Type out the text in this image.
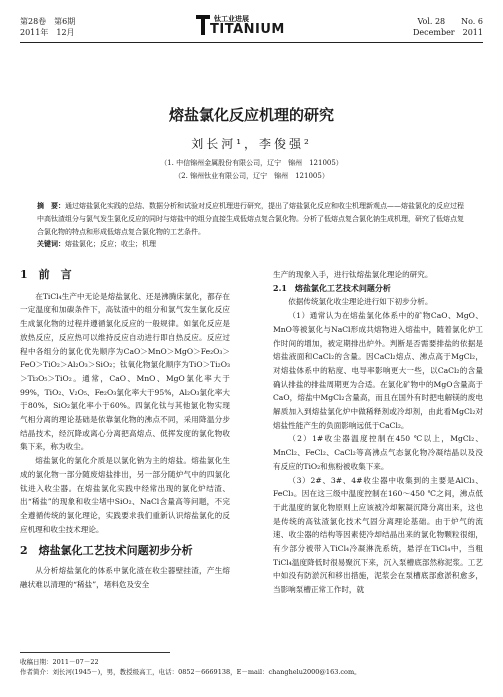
第28卷　第6期
2011年　12月
钛工业进展
TITANIUM
Vol. 28　　No. 6
December　2011
熔盐氯化反应机理的研究
刘长河¹，李俊强²
（1. 中信锦州金属股份有限公司，辽宁　锦州　121005）
（2. 锦州钛业有限公司，辽宁　锦州　121005）
摘　要：通过熔盐氯化实践的总结、数据分析和试验对反应机理进行研究，提出了熔盐氯化反应和收尘机理新观点——熔盐氯化的反应过程中高钛渣组分与氯气发生氯化反应的同时与熔盐中的组分直接生成低熔点复合氯化物。分析了低熔点复合氯化钠生成机理，研究了低熔点复合氯化物的特点和形成低熔点复合氯化物的工艺条件。
关键词：熔盐氯化；反应；收尘；机理
1　前　言

在TiCl₄生产中无论是熔盐氯化、还是沸腾床氯化，都存在一定温度和加碳条件下，高钛渣中的组分和氯气发生氯化反应生成氯化物的过程并遵循氯化反应的一般规律。如氯化反应是放热反应，反应热可以维持反应自动进行即自热反应。反应过程中各组分的氯化优先顺序为CaO＞MnO＞MgO＞Fe₂O₃＞FeO＞TiO₂＞Al₂O₃＞SiO₂；钛氧化物氯化顺序为TiO＞Ti₂O₃＞Ti₃O₅＞TiO₂。通常，CaO、MnO、MgO氯化率大于99%，TiO₂、V₂O₅、Fe₂O₃氯化率大于95%，Al₂O₃氯化率大于80%，SiO₂氯化率小于60%。四氯化钛与其他氯化物实现气相分离的理论基础是依靠氯化物的沸点不同，采用降温分步结晶技术，经沉降或离心分离把高熔点、低挥发度的氯化物收集下来，称为收尘。

熔盐氯化的氯化介质是以氯化钠为主的熔盐。熔盐氯化生成的氯化物一部分随废熔盐排出，另一部分随炉气中的四氯化钛进入收尘器。在熔盐氯化实践中经常出现的氯化炉结渣、出“稀盐”的现象和收尘堵中SiO₂、NaCl含量高等问题，不完全遵循传统的氯化理论，实践要求我们重新认识熔盐氯化的反应机理和收尘技术理论。

2　熔盐氯化工艺技术问题初步分析

从分析熔盐氯化的体系中氯化渣在收尘器壁挂渣，产生熔融状难以清理的“稀盐”，堵料危及安全

生产的现象入手，进行钛熔盐氯化理论的研究。

2.1　熔盐氯化工艺技术问题分析

依据传统氯化收尘理论进行如下初步分析。

（1）通常认为在熔盐氯化体系中的矿物CaO、MgO、MnO等被氯化与NaCl形成共熔物进入熔盐中，随着氯化炉工作时间的增加，被定期排出炉外。判断是否需要排盐的依据是熔盐液面和CaCl₂的含量。因CaCl₂熔点、沸点高于MgCl₂，对熔盐体系中的粘度、电导率影响更大一些，以CaCl₂的含量确认排盐的排盐周期更为合适。在氯化矿物中的MgO含量高于CaO，熔盐中MgCl₂含量高，而且在国外有时把电解镁的废电解质加入到熔盐氯化炉中做稀释剂或冷却剂，由此看MgCl₂对熔盐性能产生的负面影响远低于CaCl₂。

（2）1#收尘器温度控制在450 ℃以上，MgCl₂、MnCl₂、FeCl₂、CaCl₂等高沸点气态氯化物冷凝结晶以及没有反应的TiO₂和焦粉被收集下来。

（3）2#、3#、4#收尘器中收集到的主要是AlCl₃、FeCl₃。因在这三级中温度控制在160～450 ℃之间，沸点低于此温度的氯化物原则上应该被冷却絮凝沉降分离出来，这也是传统的高钛渣氯化技术气固分离理论基础。由于炉气的流速、收尘器的结构等因素使冷却结晶出来的氯化物颗粒很细，有少部分被带入TiCl₄冷凝淋洗系统，悬浮在TiCl₄中，当粗TiCl₄温度降低时很易聚沉下来，沉入泵槽底部然称泥浆。工艺中如没有防淤沉和移出措施，泥浆会在泵槽底部愈淤积愈多，当影响泵槽正常工作时，就

收稿日期：2011－07－22
作者简介：刘长河(1945－)，男，教授级高工，电话：0852－6669138，E－mail：changhelu2000@163.com。
